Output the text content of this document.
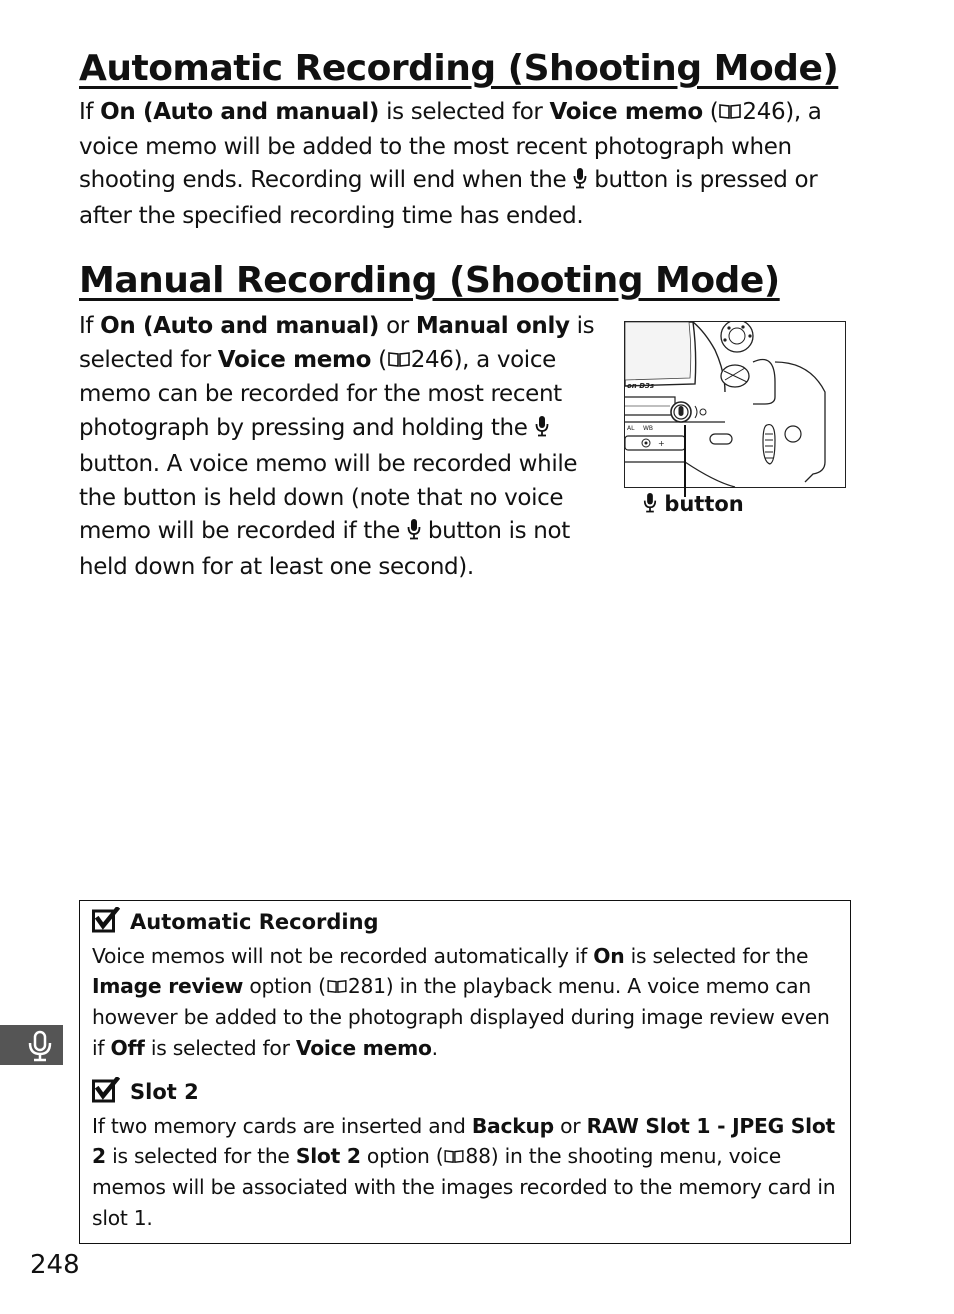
Automatic Recording (Shooting Mode)

If On (Auto and manual) is selected for Voice memo ( 246), a voice memo will be added to the most recent photograph when shooting ends. Recording will end when the  button is pressed or after the specified recording time has ended.

Manual Recording (Shooting Mode)

If On (Auto and manual) or Manual only is selected for Voice memo ( 246), a voice memo can be recorded for the most recent photograph by pressing and holding the  button. A voice memo will be recorded while the button is held down (note that no voice memo will be recorded if the  button is not held down for at least one second).

on D3s
AL WB
+
button
Automatic Recording

Voice memos will not be recorded automatically if On is selected for the Image review option ( 281) in the playback menu. A voice memo can however be added to the photograph displayed during image review even if Off is selected for Voice memo.

Slot 2

If two memory cards are inserted and Backup or RAW Slot 1 - JPEG Slot 2 is selected for the Slot 2 option ( 88) in the shooting menu, voice memos will be associated with the images recorded to the memory card in slot 1.

248
